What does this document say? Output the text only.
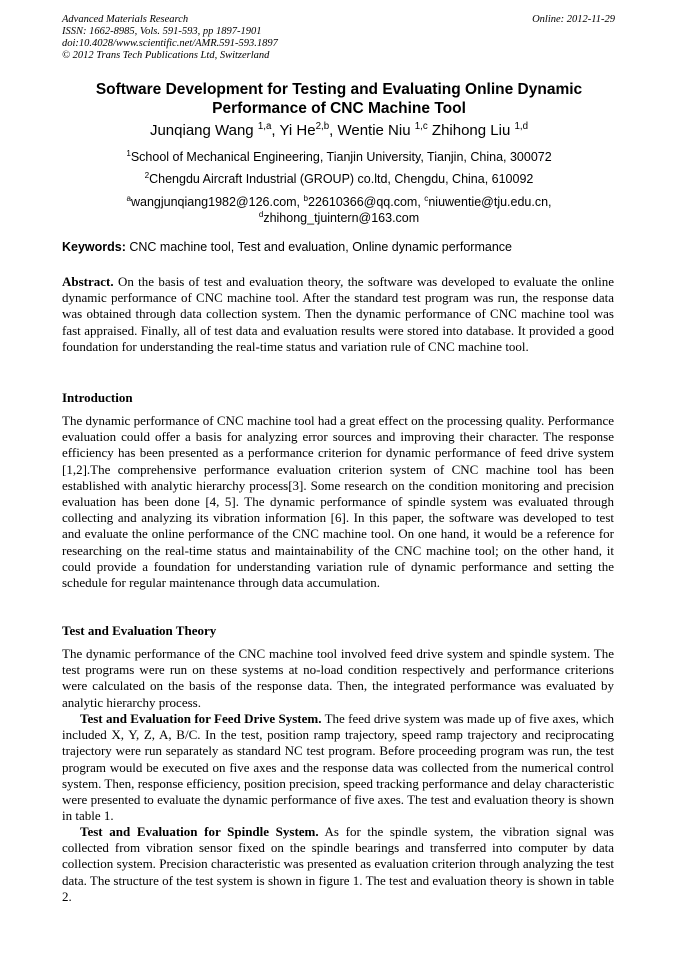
Advanced Materials Research
ISSN: 1662-8985, Vols. 591-593, pp 1897-1901
doi:10.4028/www.scientific.net/AMR.591-593.1897
© 2012 Trans Tech Publications Ltd, Switzerland
Online: 2012-11-29
Software Development for Testing and Evaluating Online Dynamic Performance of CNC Machine Tool
Junqiang Wang $^{1,a}$, Yi He$^{2,b}$, Wentie Niu $^{1,c}$ Zhihong Liu $^{1,d}$
$^1$School of Mechanical Engineering, Tianjin University, Tianjin, China, 300072
$^2$Chengdu Aircraft Industrial (GROUP) co.ltd, Chengdu, China, 610092
$^a$wangjunqiang1982@126.com, $^b$22610366@qq.com, $^c$niuwentie@tju.edu.cn,
$^d$zhihong_tjuintern@163.com
Keywords: CNC machine tool, Test and evaluation, Online dynamic performance
Abstract. On the basis of test and evaluation theory, the software was developed to evaluate the online dynamic performance of CNC machine tool. After the standard test program was run, the response data was obtained through data collection system. Then the dynamic performance of CNC machine tool was fast appraised. Finally, all of test data and evaluation results were stored into database. It provided a good foundation for understanding the real-time status and variation rule of CNC machine tool.
Introduction
The dynamic performance of CNC machine tool had a great effect on the processing quality. Performance evaluation could offer a basis for analyzing error sources and improving their character. The response efficiency has been presented as a performance criterion for dynamic performance of feed drive system [1,2].The comprehensive performance evaluation criterion system of CNC machine tool has been established with analytic hierarchy process[3]. Some research on the condition monitoring and precision evaluation has been done [4, 5]. The dynamic performance of spindle system was evaluated through collecting and analyzing its vibration information [6]. In this paper, the software was developed to test and evaluate the online performance of the CNC machine tool. On one hand, it would be a reference for researching on the real-time status and maintainability of the CNC machine tool; on the other hand, it could provide a foundation for understanding variation rule of dynamic performance and setting the schedule for regular maintenance through data accumulation.
Test and Evaluation Theory
The dynamic performance of the CNC machine tool involved feed drive system and spindle system. The test programs were run on these systems at no-load condition respectively and performance criterions were calculated on the basis of the response data. Then, the integrated performance was evaluated by analytic hierarchy process.
Test and Evaluation for Feed Drive System. The feed drive system was made up of five axes, which included X, Y, Z, A, B/C. In the test, position ramp trajectory, speed ramp trajectory and reciprocating trajectory were run separately as standard NC test program. Before proceeding program was run, the test program would be executed on five axes and the response data was collected from the numerical control system. Then, response efficiency, position precision, speed tracking performance and delay characteristic were presented to evaluate the dynamic performance of five axes. The test and evaluation theory is shown in table 1.
Test and Evaluation for Spindle System. As for the spindle system, the vibration signal was collected from vibration sensor fixed on the spindle bearings and transferred into computer by data collection system. Precision characteristic was presented as evaluation criterion through analyzing the test data. The structure of the test system is shown in figure 1. The test and evaluation theory is shown in table 2.
